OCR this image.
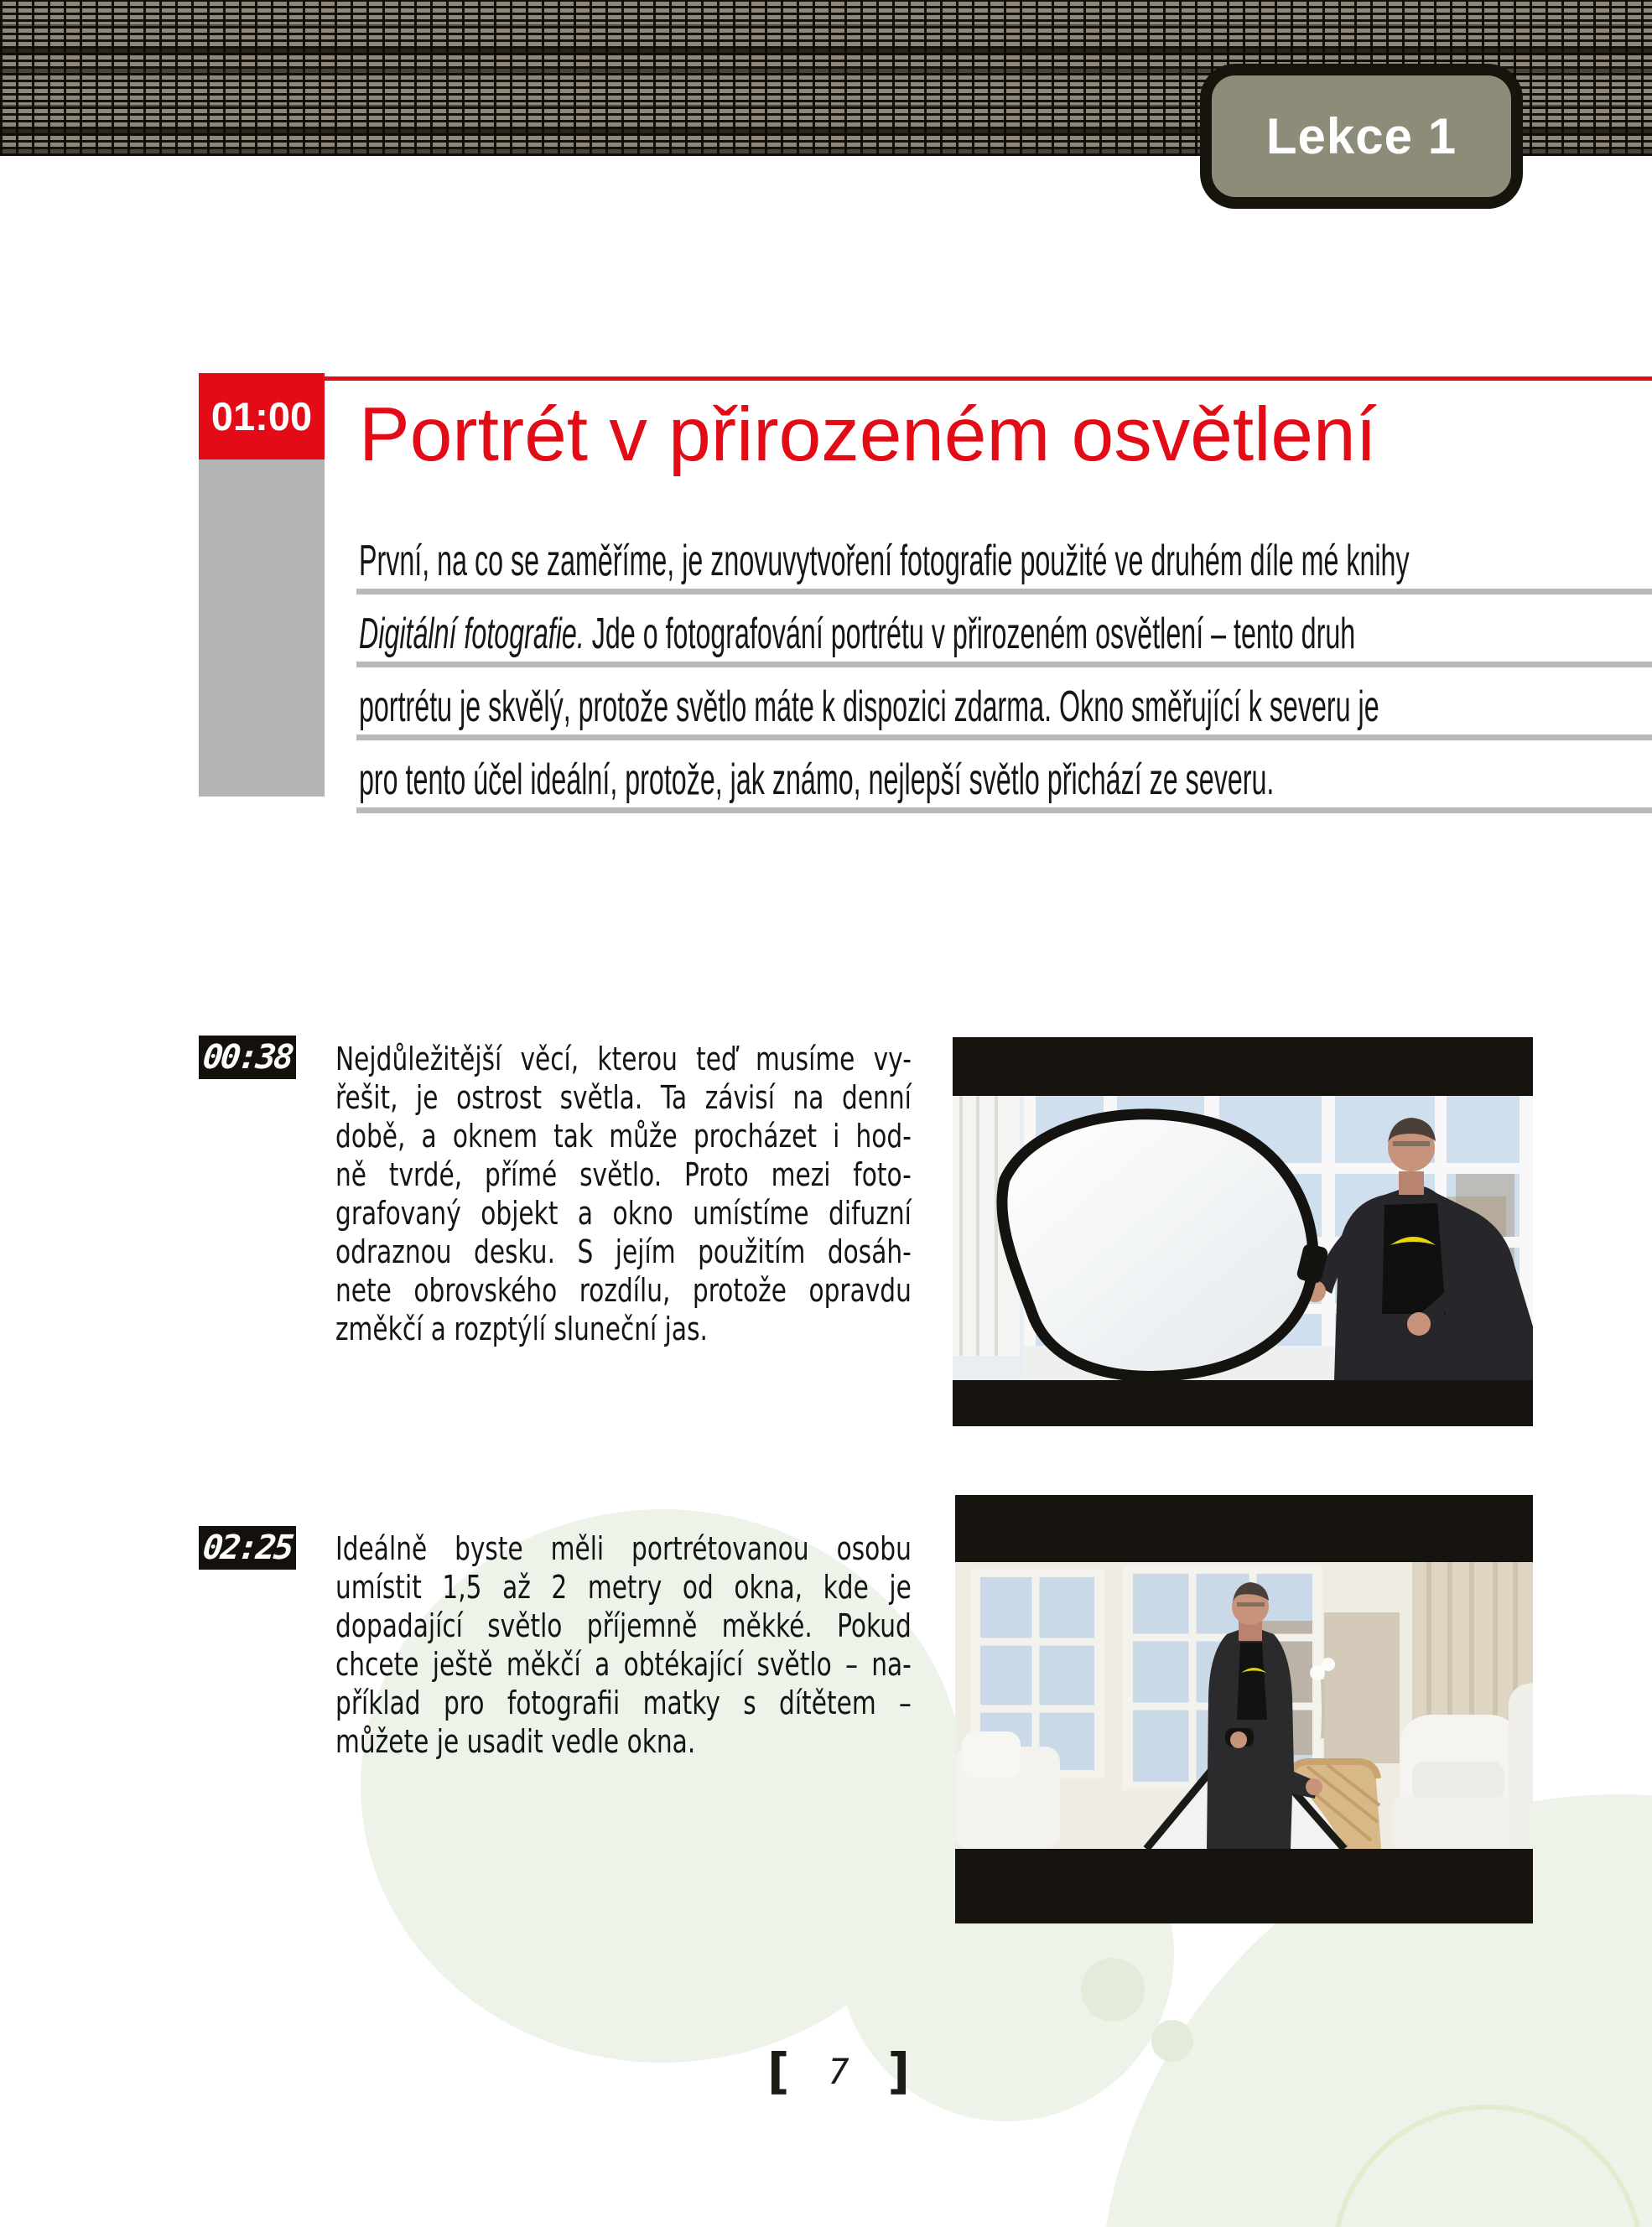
Lekce 1
01:00 Portrét v přirozeném osvětlení
První, na co se zaměříme, je znovuvytvoření fotografie použité ve druhém díle mé knihy
Digitální fotografie. Jde o fotografování portrétu v přirozeném osvětlení – tento druh
portrétu je skvělý, protože světlo máte k dispozici zdarma. Okno směřující k severu je
pro tento účel ideální, protože, jak známo, nejlepší světlo přichází ze severu.
00:38 Nejdůležitější věcí, kterou teď musíme vy-
řešit, je ostrost světla. Ta závisí na denní
době, a oknem tak může procházet i hod-
ně tvrdé, přímé světlo. Proto mezi foto-
grafovaný objekt a okno umístíme difuzní
odraznou desku. S jejím použitím dosáh-
nete obrovského rozdílu, protože opravdu
změkčí a rozptýlí sluneční jas.
02:25 Ideálně byste měli portrétovanou osobu
umístit 1,5 až 2 metry od okna, kde je
dopadající světlo příjemně měkké. Pokud
chcete ještě měkčí a obtékající světlo – na-
příklad pro fotografii matky s dítětem –
můžete je usadit vedle okna.
[ 7 ]
